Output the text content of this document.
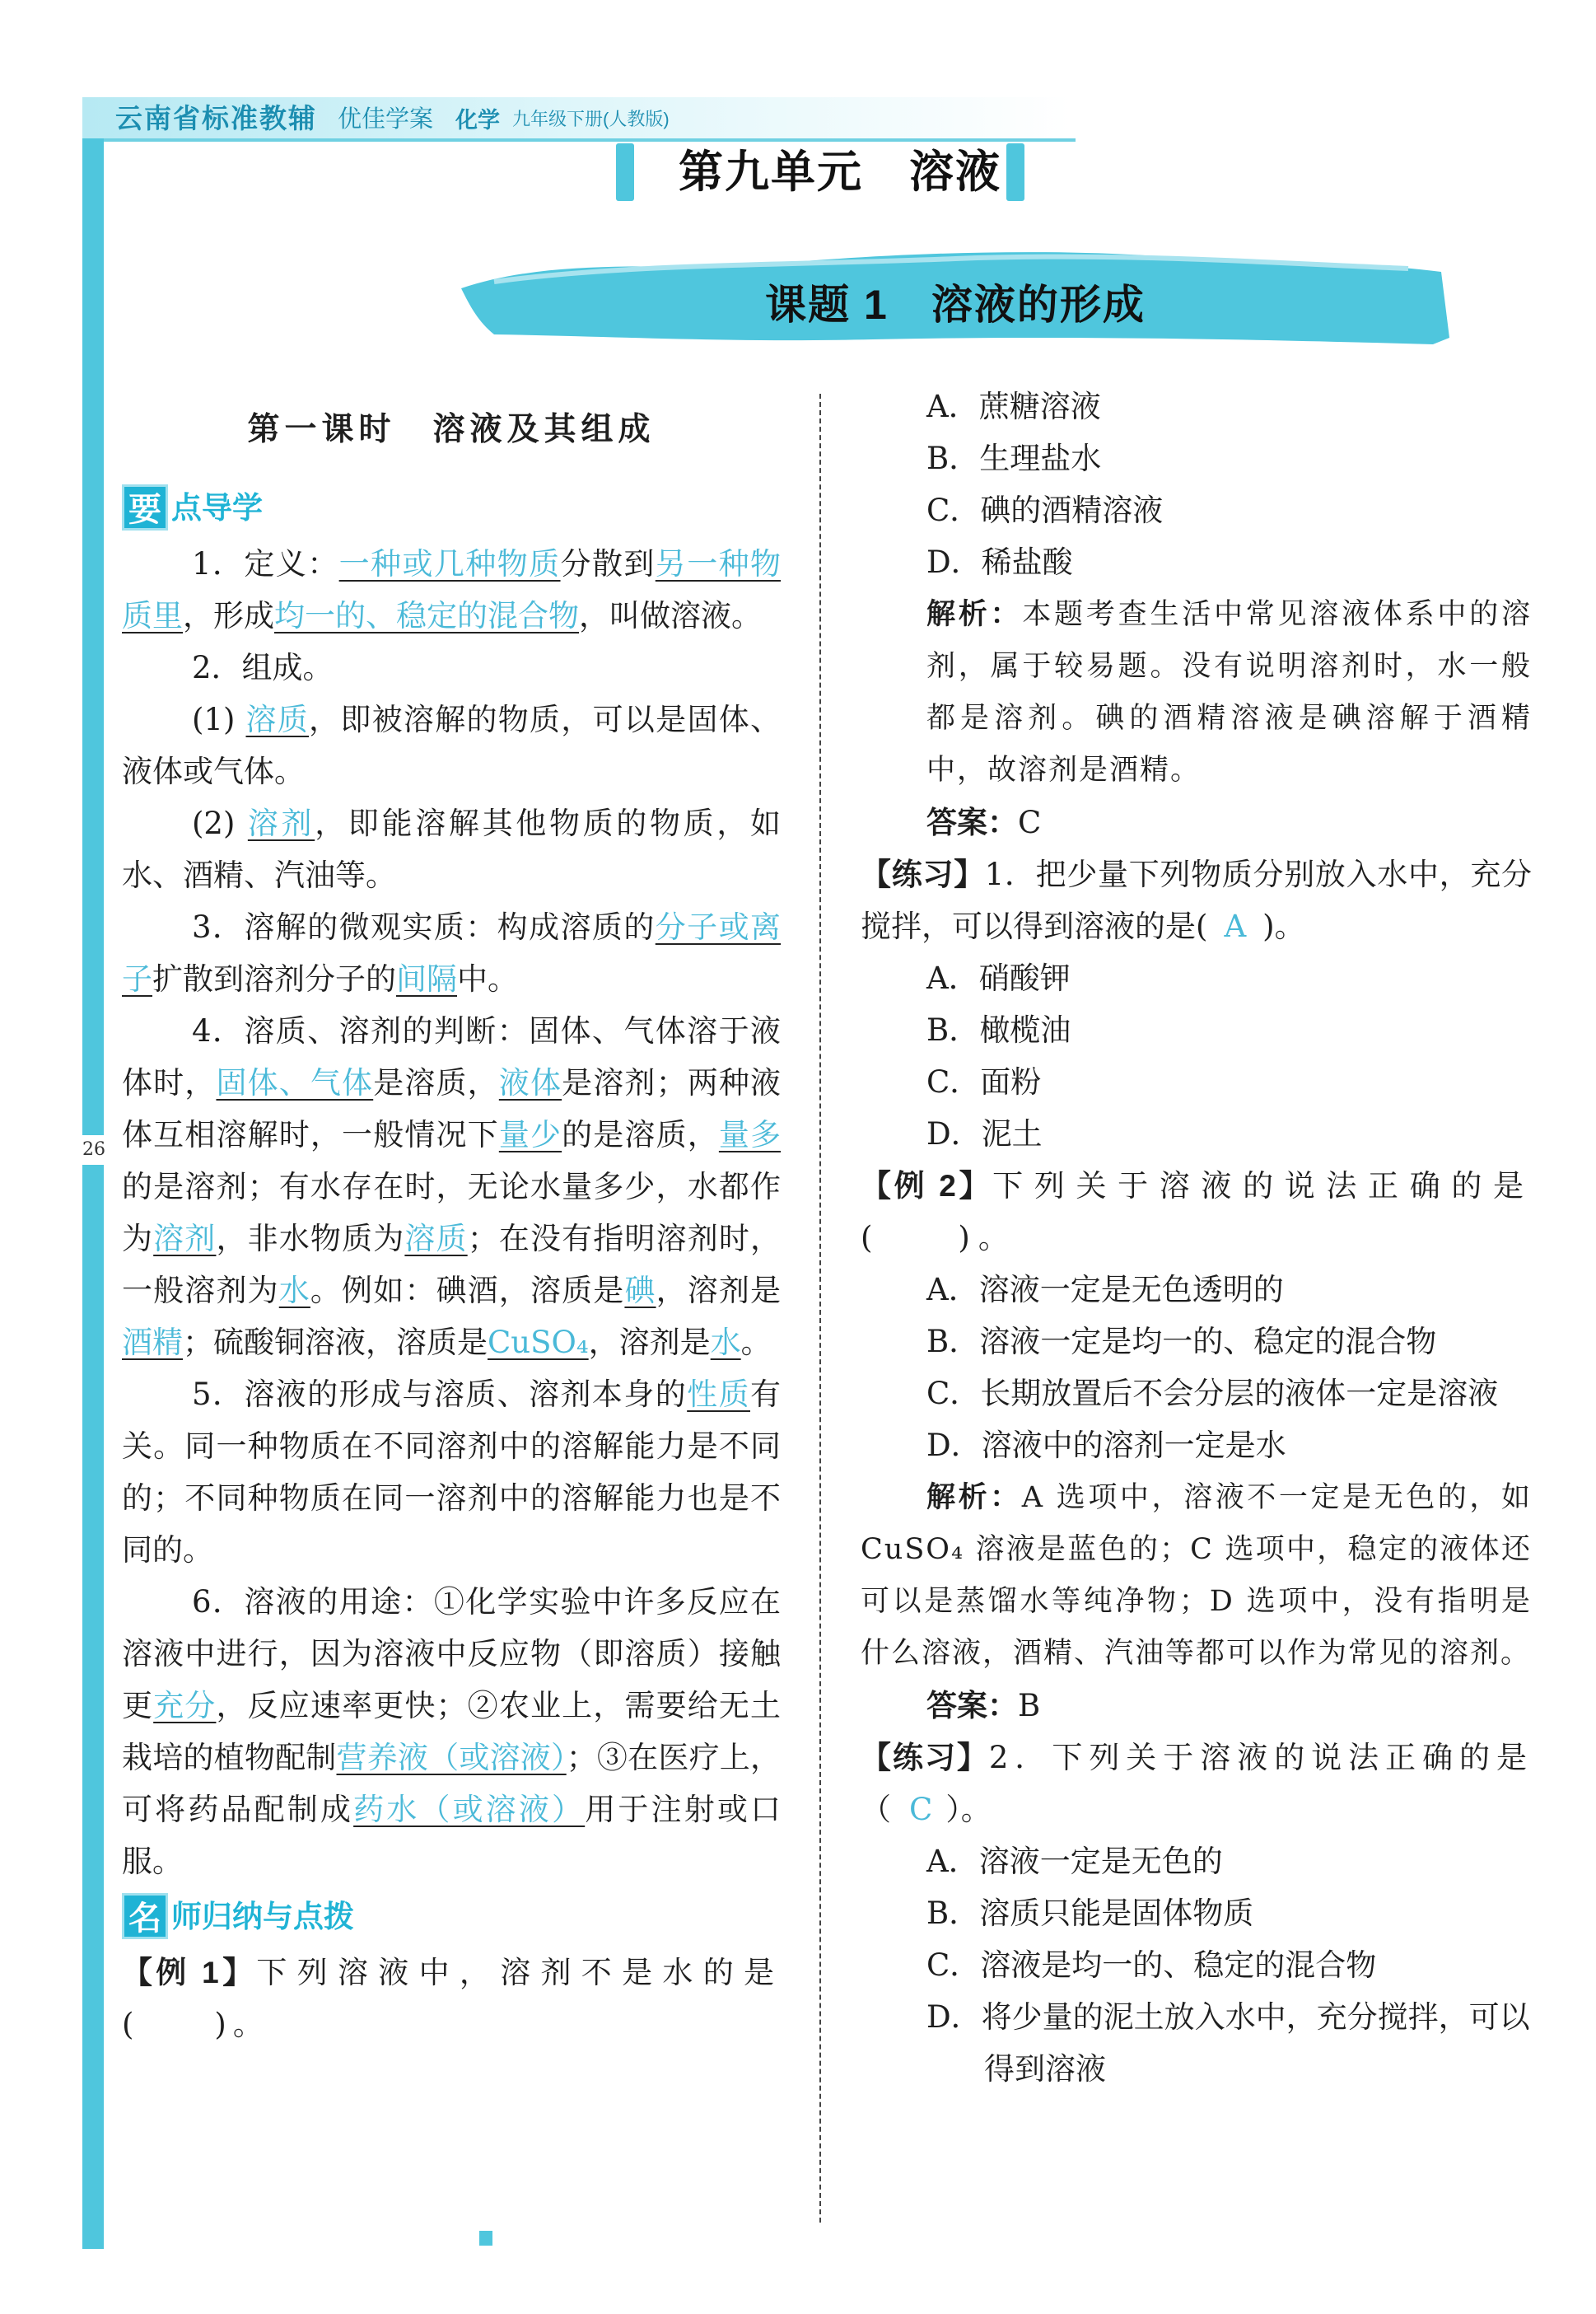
云南省标准教辅 优佳学案 化学 九年级下册(人教版)
第九单元　溶液
课题 1　溶液的形成
26

第一课时　溶液及其组成

要 点导学

1．定义：一种或几种物质分散到另一种物质里，形成均一的、稳定的混合物，叫做溶液。

2．组成。

(1) 溶质，即被溶解的物质，可以是固体、液体或气体。

(2) 溶剂，即能溶解其他物质的物质，如水、酒精、汽油等。

3．溶解的微观实质：构成溶质的分子或离子扩散到溶剂分子的间隔中。

4．溶质、溶剂的判断：固体、气体溶于液体时，固体、气体是溶质，液体是溶剂；两种液体互相溶解时，一般情况下量少的是溶质，量多的是溶剂；有水存在时，无论水量多少，水都作为溶剂，非水物质为溶质；在没有指明溶剂时，一般溶剂为水。例如：碘酒，溶质是碘，溶剂是酒精；硫酸铜溶液，溶质是CuSO₄，溶剂是水。

5．溶液的形成与溶质、溶剂本身的性质有关。同一种物质在不同溶剂中的溶解能力是不同的；不同种物质在同一溶剂中的溶解能力也是不同的。

6．溶液的用途：①化学实验中许多反应在溶液中进行，因为溶液中反应物（即溶质）接触更充分，反应速率更快；②农业上，需要给无土栽培的植物配制营养液（或溶液）；③在医疗上，可将药品配制成药水（或溶液）用于注射或口服。

名 师归纳与点拨

【例 1】下列溶液中，溶剂不是水的是(　　)。

A．蔗糖溶液

B．生理盐水

C．碘的酒精溶液

D．稀盐酸

解析：本题考查生活中常见溶液体系中的溶剂，属于较易题。没有说明溶剂时，水一般都是溶剂。碘的酒精溶液是碘溶解于酒精中，故溶剂是酒精。

答案：C

【练习】1．把少量下列物质分别放入水中，充分搅拌，可以得到溶液的是( A )。

A．硝酸钾

B．橄榄油

C．面粉

D．泥土

【例 2】下列关于溶液的说法正确的是(　　)。

A．溶液一定是无色透明的

B．溶液一定是均一的、稳定的混合物

C．长期放置后不会分层的液体一定是溶液

D．溶液中的溶剂一定是水

解析：A 选项中，溶液不一定是无色的，如 CuSO₄ 溶液是蓝色的；C 选项中，稳定的液体还可以是蒸馏水等纯净物；D 选项中，没有指明是什么溶液，酒精、汽油等都可以作为常见的溶剂。

答案：B

【练习】2．下列关于溶液的说法正确的是（ C ）。

A．溶液一定是无色的

B．溶质只能是固体物质

C．溶液是均一的、稳定的混合物

D．将少量的泥土放入水中，充分搅拌，可以得到溶液
